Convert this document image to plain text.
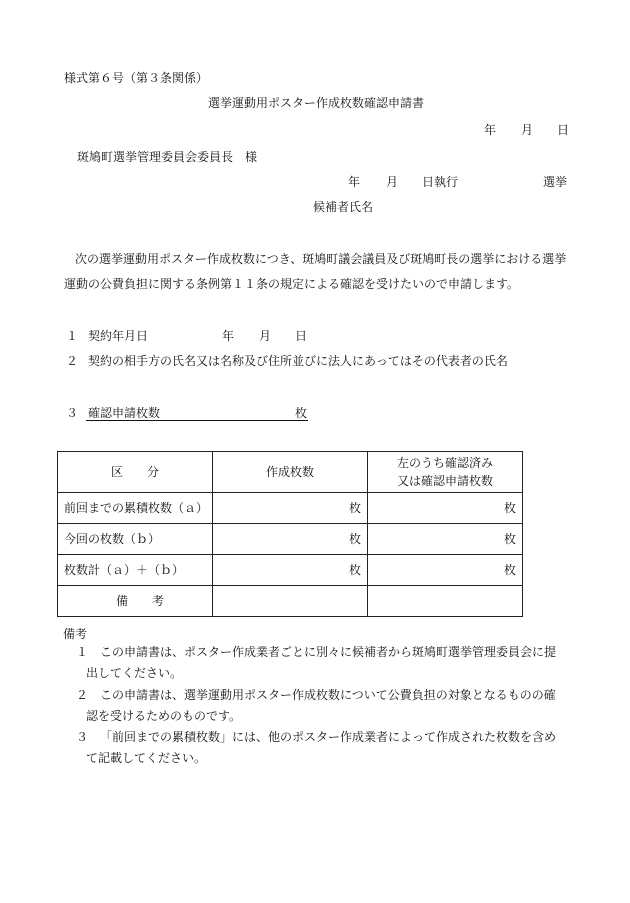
様式第６号（第３条関係）
選挙運動用ポスター作成枚数確認申請書
年 月 日
斑鳩町選挙管理委員会委員長　様
年 月 日執行	選挙
候補者氏名
次の選挙運動用ポスター作成枚数につき、斑鳩町議会議員及び斑鳩町長の選挙における選挙
運動の公費負担に関する条例第１１条の規定による確認を受けたいので申請します。
１ 契約年月日	年 月 日
２ 契約の相手方の氏名又は名称及び住所並びに法人にあってはその代表者の氏名
３ 確認申請枚数	枚
区　　分	作成枚数	左のうち確認済み
又は確認申請枚数

前回までの累積枚数（ａ）	枚	枚
今回の枚数（ｂ）	枚	枚
枚数計（ａ）＋（ｂ）	枚	枚
備　　考		
備考
１ この申請書は、ポスター作成業者ごとに別々に候補者から斑鳩町選挙管理委員会に提出してください。
２ この申請書は、選挙運動用ポスター作成枚数について公費負担の対象となるものの確認を受けるためのものです。
３ 「前回までの累積枚数」には、他のポスター作成業者によって作成された枚数を含めて記載してください。
